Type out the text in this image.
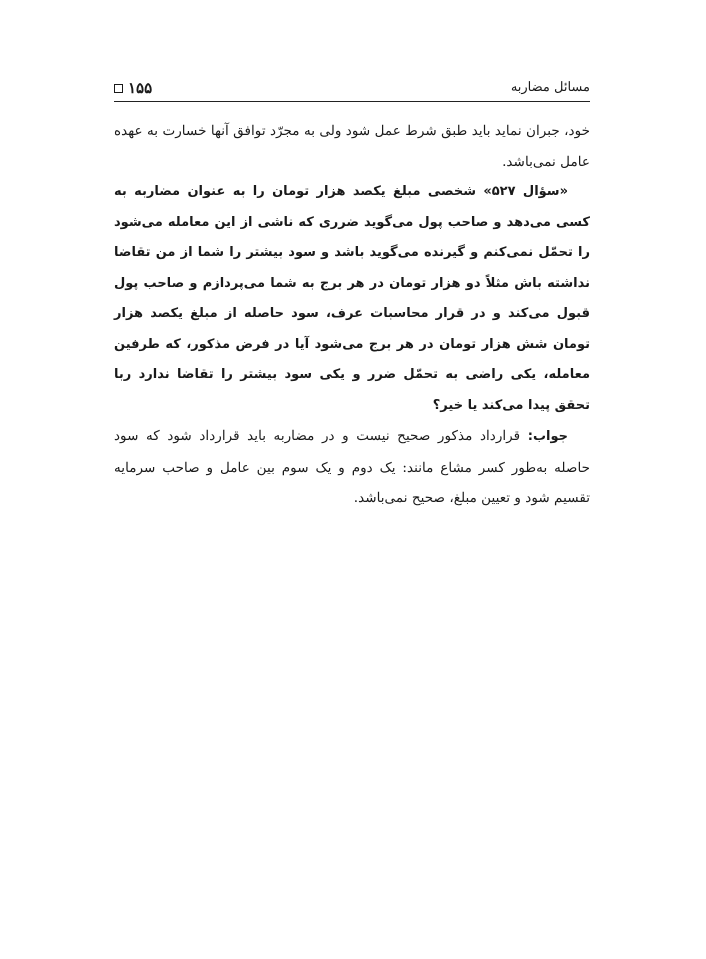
۱۵۵	مسائل مضاربه

خود، جبران نماید باید طبق شرط عمل شود ولی به مجرّد توافق آنها خسارت به عهده عامل نمی‌باشد.

«سؤال ۵۲۷» شخصی مبلغ یکصد هزار تومان را به عنوان مضاربه به کسی می‌دهد و صاحب پول می‌گوید ضرری که ناشی از این معامله می‌شود را تحمّل نمی‌کنم و گیرنده می‌گوید باشد و سود بیشتر را شما از من تقاضا نداشته باش مثلاً دو هزار تومان در هر برج به شما می‌پردازم و صاحب پول قبول می‌کند و در قرار محاسبات عرف، سود حاصله از مبلغ یکصد هزار تومان شش هزار تومان در هر برج می‌شود آیا در فرض مذکور، که طرفین معامله، یکی راضی به تحمّل ضرر و یکی سود بیشتر را تقاضا ندارد ربا تحقق پیدا می‌کند یا خیر؟

جواب: قرارداد مذکور صحیح نیست و در مضاربه باید قرارداد شود که سود حاصله به‌طور کسر مشاع مانند: یک دوم و یک سوم بین عامل و صاحب سرمایه تقسیم شود و تعیین مبلغ، صحیح نمی‌باشد.
